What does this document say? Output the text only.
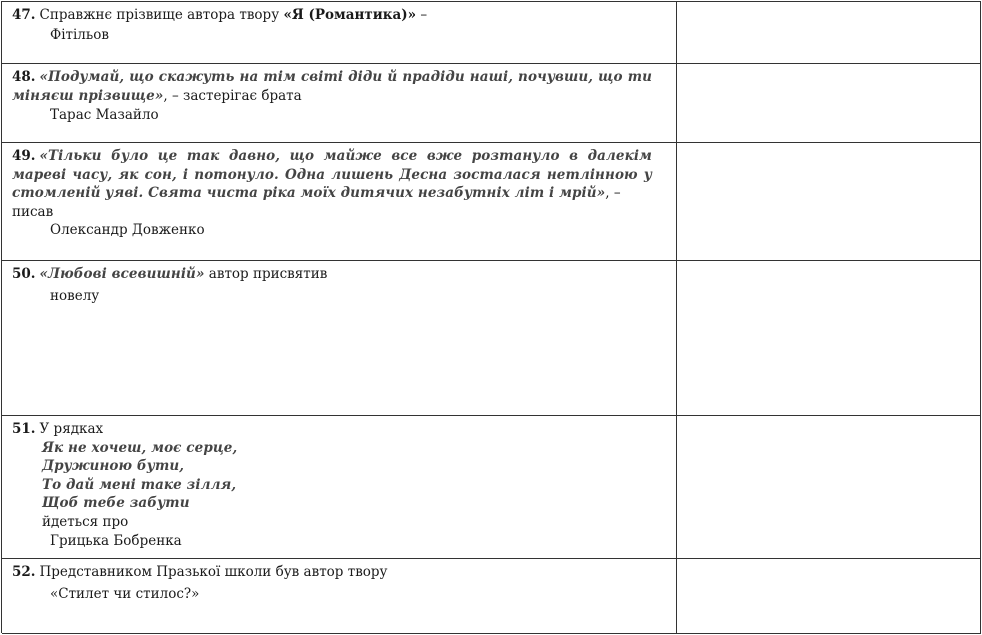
47. Справжнє прізвище автора твору «Я (Романтика)» –
Фітільов
48. «Подумай, що скажуть на тім світі діди й прадіди наші, почувши, що ти міняєш прізвище», – застерігає брата
Тарас Мазайло
49. «Тільки було це так давно, що майже все вже розтануло в далекім мареві часу, як сон, і потонуло. Одна лишень Десна зосталася нетлінною у стомленій уяві. Свята чиста ріка моїх дитячих незабутніх літ і мрій», –
писав
Олександр Довженко
50. «Любові всевишній» автор присвятив
новелу
51. У рядках
Як не хочеш, моє серце,
Дружиною бути,
То дай мені таке зілля,
Щоб тебе забути
йдеться про
Грицька Бобренка
52. Представником Празької школи був автор твору
«Стилет чи стилос?»
